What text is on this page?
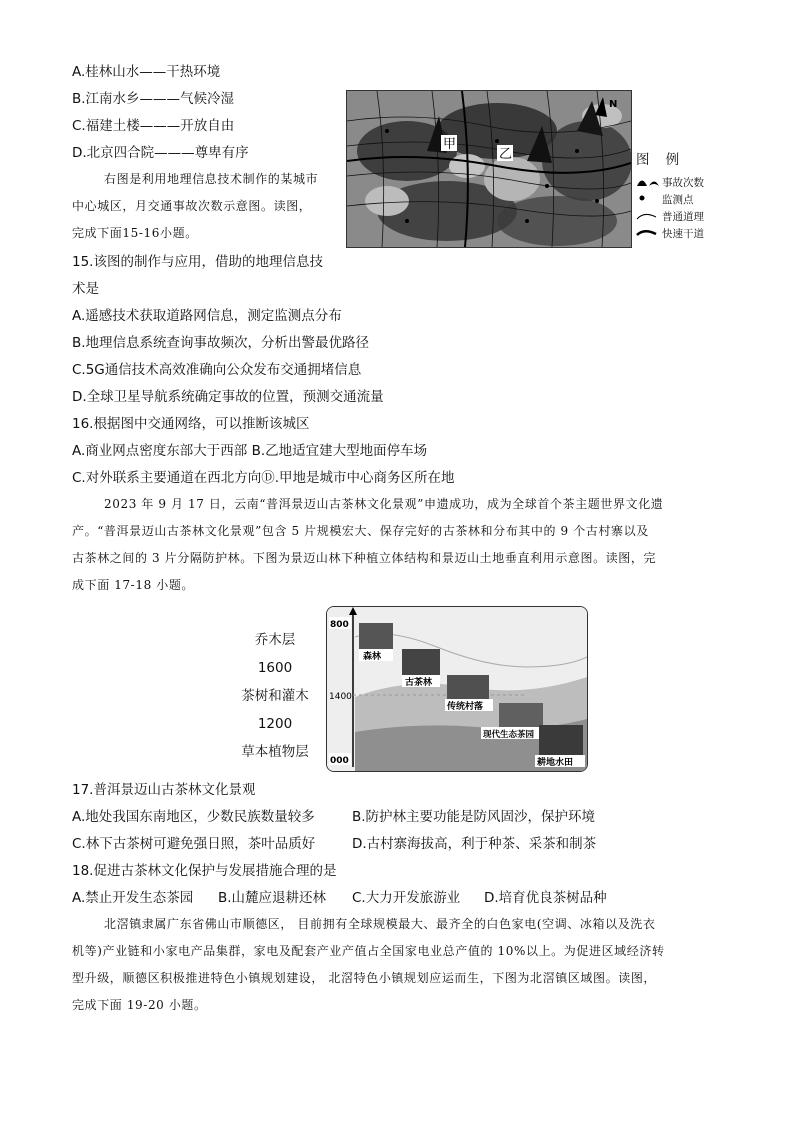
A.桂林山水——干热环境
B.江南水乡———气候冷湿
C.福建土楼———开放自由
D.北京四合院———尊卑有序
右图是利用地理信息技术制作的某城市
中心城区，月交通事故次数示意图。读图，
完成下面15-16小题。
甲
乙
N
图 例
事故次数
监测点
普通道理
快速干道
15.该图的制作与应用，借助的地理信息技
术是
A.遥感技术获取道路网信息，测定监测点分布
B.地理信息系统查询事故频次，分析出警最优路径
C.5G通信技术高效准确向公众发布交通拥堵信息
D.全球卫星导航系统确定事故的位置，预测交通流量
16.根据图中交通网络，可以推断该城区
A.商业网点密度东部大于西部 B.乙地适宜建大型地面停车场
C.对外联系主要通道在西北方向Ⓓ.甲地是城市中心商务区所在地
2023 年 9 月 17 日，云南“普洱景迈山古茶林文化景观”申遗成功，成为全球首个茶主题世界文化遗
产。“普洱景迈山古茶林文化景观”包含 5 片规模宏大、保存完好的古茶林和分布其中的 9 个古村寨以及
古茶林之间的 3 片分隔防护林。下图为景迈山林下种植立体结构和景迈山土地垂直利用示意图。读图，完
成下面 17-18 小题。
乔木层
1600
茶树和灌木
1200
草本植物层
800
1400
000
森林
古茶林
传统村落
现代生态茶园
耕地水田
17.普洱景迈山古茶林文化景观
A.地处我国东南地区，少数民族数量较多	B.防护林主要功能是防风固沙，保护环境
C.林下古茶树可避免强日照，茶叶品质好	D.古村寨海拔高，利于种茶、采茶和制茶
18.促进古茶林文化保护与发展措施合理的是
A.禁止开发生态茶园 B.山麓应退耕还林 C.大力开发旅游业 D.培育优良茶树品种
北滘镇隶属广东省佛山市顺德区， 目前拥有全球规模最大、最齐全的白色家电(空调、冰箱以及洗衣
机等)产业链和小家电产品集群，家电及配套产业产值占全国家电业总产值的 10%以上。为促进区域经济转
型升级，顺德区积极推进特色小镇规划建设， 北滘特色小镇规划应运而生，下图为北滘镇区域图。读图，
完成下面 19-20 小题。
